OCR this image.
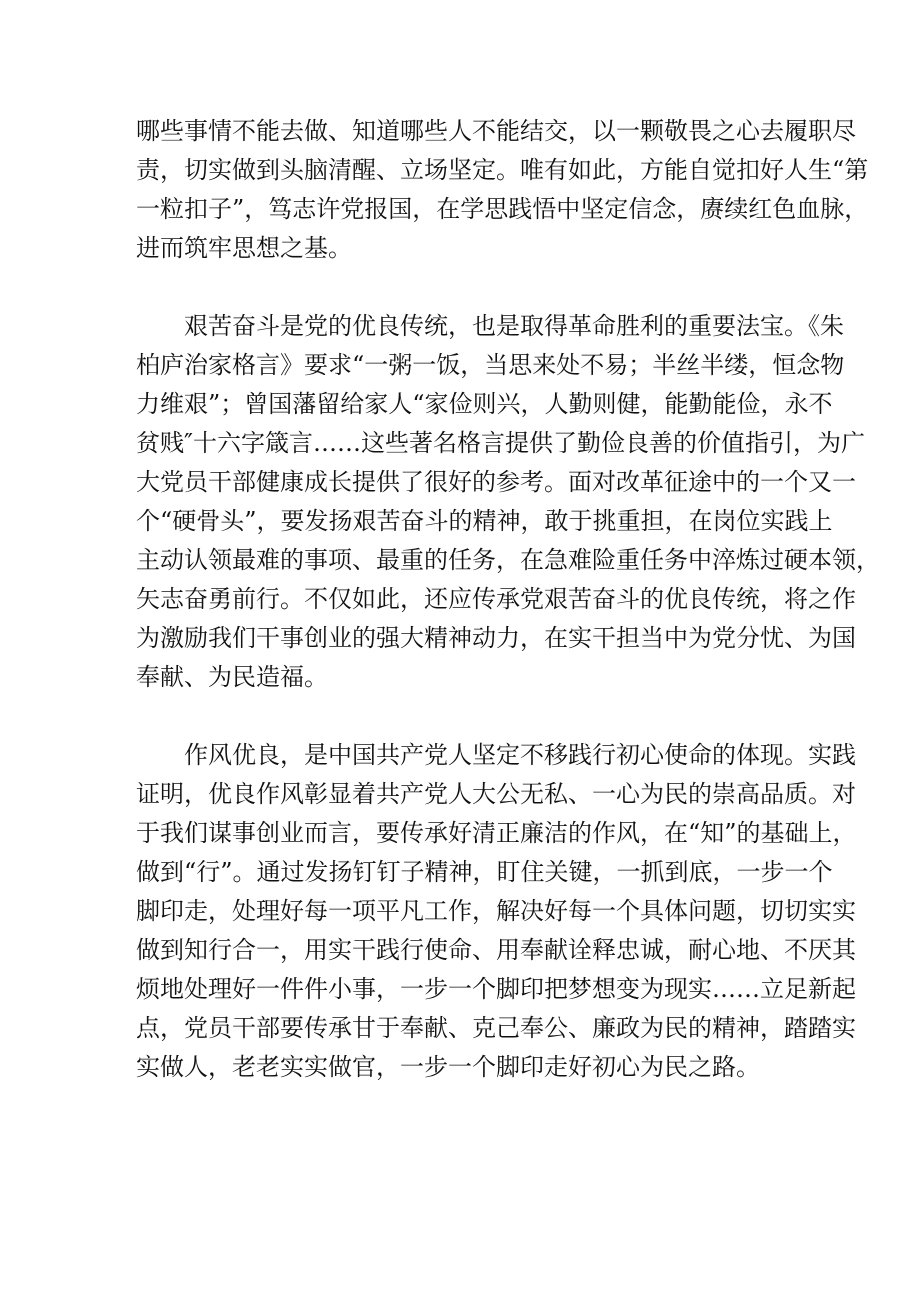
哪些事情不能去做、知道哪些人不能结交，以一颗敬畏之心去履职尽
责，切实做到头脑清醒、立场坚定。唯有如此，方能自觉扣好人生“第
一粒扣子”，笃志许党报国，在学思践悟中坚定信念，赓续红色血脉，
进而筑牢思想之基。

艰苦奋斗是党的优良传统，也是取得革命胜利的重要法宝。《朱
柏庐治家格言》要求“一粥一饭，当思来处不易；半丝半缕，恒念物
力维艰”；曾国藩留给家人“家俭则兴，人勤则健，能勤能俭，永不
贫贱″十六字箴言……这些著名格言提供了勤俭良善的价值指引，为广
大党员干部健康成长提供了很好的参考。面对改革征途中的一个又一
个“硬骨头”，要发扬艰苦奋斗的精神，敢于挑重担，在岗位实践上
主动认领最难的事项、最重的任务，在急难险重任务中淬炼过硬本领，
矢志奋勇前行。不仅如此，还应传承党艰苦奋斗的优良传统，将之作
为激励我们干事创业的强大精神动力，在实干担当中为党分忧、为国
奉献、为民造福。

作风优良，是中国共产党人坚定不移践行初心使命的体现。实践
证明，优良作风彰显着共产党人大公无私、一心为民的崇高品质。对
于我们谋事创业而言，要传承好清正廉洁的作风，在“知”的基础上，
做到“行”。通过发扬钉钉子精神，盯住关键，一抓到底，一步一个
脚印走，处理好每一项平凡工作，解决好每一个具体问题，切切实实
做到知行合一，用实干践行使命、用奉献诠释忠诚，耐心地、不厌其
烦地处理好一件件小事，一步一个脚印把梦想变为现实……立足新起
点，党员干部要传承甘于奉献、克己奉公、廉政为民的精神，踏踏实
实做人，老老实实做官，一步一个脚印走好初心为民之路。
